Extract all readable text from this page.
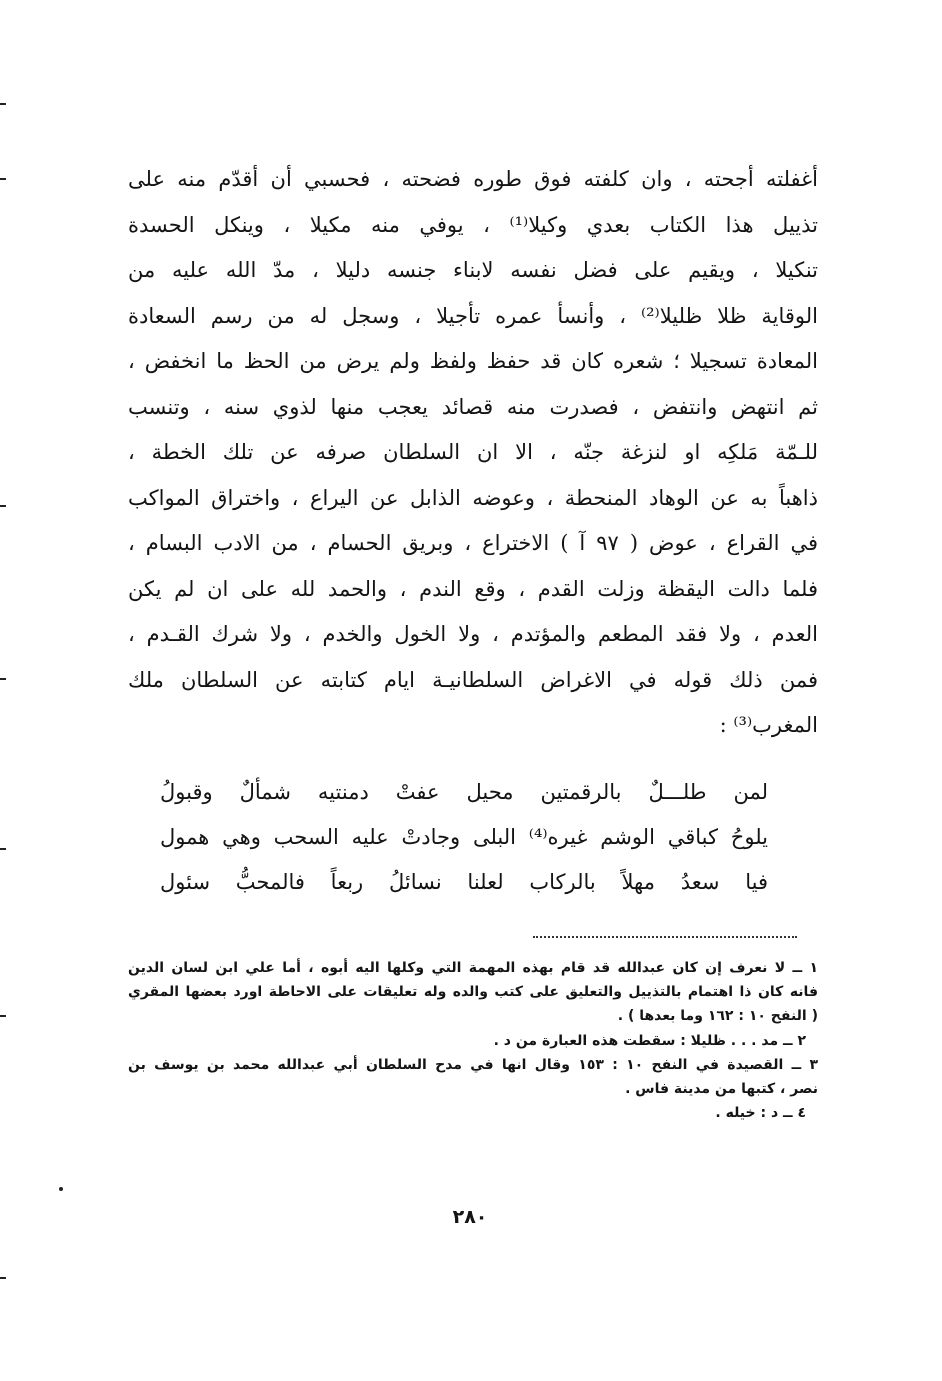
أغفلته أجحته ، وان كلفته فوق طوره فضحته ، فحسبي أن أقدّم منه على
تذييل هذا الكتاب بعدي وكيلا⁽¹⁾ ، يوفي منه مكيلا ، وينكل الحسدة
تنكيلا ، ويقيم على فضل نفسه لابناء جنسه دليلا ، مدّ الله عليه من
الوقاية ظلا ظليلا⁽²⁾ ، وأنسأ عمره تأجيلا ، وسجل له من رسم السعادة
المعادة تسجيلا ؛ شعره كان قد حفظ ولفظ ولم يرض من الحظ ما انخفض ،
ثم انتهض وانتفض ، فصدرت منه قصائد يعجب منها لذوي سنه ، وتنسب
للـمّة مَلكِه او لنزغة جنّه ، الا ان السلطان صرفه عن تلك الخطة ،
ذاهباً به عن الوهاد المنحطة ، وعوضه الذابل عن اليراع ، واختراق المواكب
في القراع ، عوض ( ٩٧ آ ) الاختراع ، وبريق الحسام ، من الادب البسام ،
فلما دالت اليقظة وزلت القدم ، وقع الندم ، والحمد لله على ان لم يكن
العدم ، ولا فقد المطعم والمؤتدم ، ولا الخول والخدم ، ولا شرك القـدم ،
فمن ذلك قوله في الاغراض السلطانيـة ايام كتابته عن السلطان ملك
المغرب⁽³⁾ :
لمن طلـــلٌ بالرقمتين محيل عفتْ دمنتيه شمألٌ وقبولُ
يلوحُ كباقي الوشم غيره⁽⁴⁾ البلى وجادتْ عليه السحب وهي همول
فيا سعدُ مهلاً بالركاب لعلنا نسائلُ ربعاً فالمحبُّ سئول
١ ــ لا نعرف إن كان عبدالله قد قام بهذه المهمة التي وكلها اليه أبوه ، أما علي ابن لسان الدين
فانه كان ذا اهتمام بالتذييل والتعليق على كتب والده وله تعليقات على الاحاطة اورد بعضها المقري
( النفح ١٠ : ١٦٢ وما بعدها ) .
٢ ــ مد . . . ظليلا : سقطت هذه العبارة من د .
٣ ــ القصيدة في النفح ١٠ : ١٥٣ وقال انها في مدح السلطان أبي عبدالله محمد بن يوسف بن
نصر ، كتبها من مدينة فاس .
٤ ــ د : خيله .
٢٨٠
